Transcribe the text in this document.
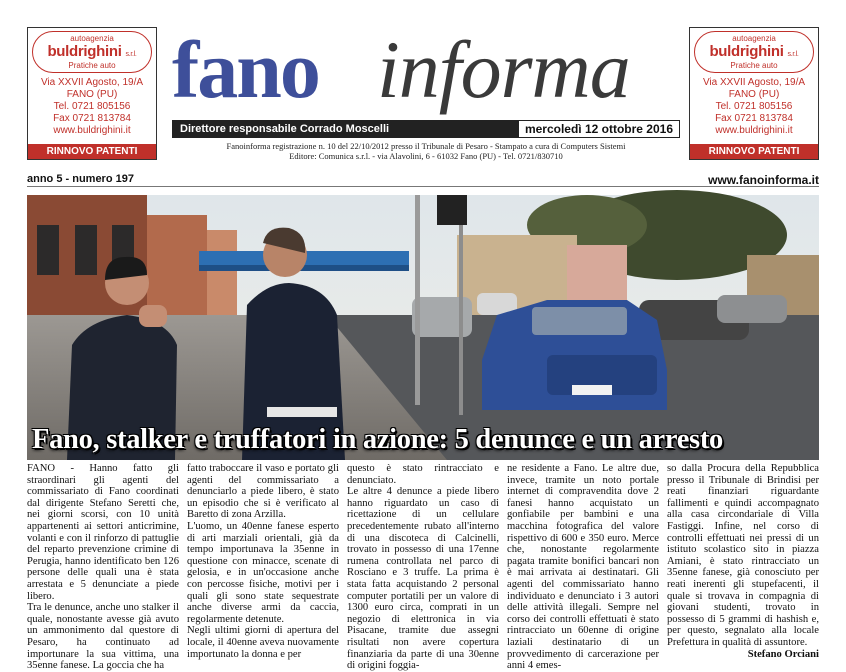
autoagenzia
buldrighini s.r.l.
Pratiche auto
Via XXVII Agosto, 19/A
FANO (PU)
Tel. 0721 805156
Fax 0721 813784
www.buldrighini.it
RINNOVO PATENTI
autoagenzia
buldrighini s.r.l.
Pratiche auto
Via XXVII Agosto, 19/A
FANO (PU)
Tel. 0721 805156
Fax 0721 813784
www.buldrighini.it
RINNOVO PATENTI
fano informa
Direttore responsabile Corrado Moscelli	mercoledì 12 ottobre 2016
Fanoinforma registrazione n. 10 del 22/10/2012 presso il Tribunale di Pesaro - Stampato a cura di Computers Sistemi
Editore: Comunica s.r.l. - via Alavolini, 6 - 61032 Fano (PU) - Tel. 0721/830710
anno 5 - numero 197	www.fanoinforma.it
Fano, stalker e truffatori in azione: 5 denunce e un arresto

FANO - Hanno fatto gli straordinari gli agenti del commissariato di Fano coordinati dal dirigente Stefano Seretti che, nei giorni scorsi, con 10 unità appartenenti ai settori anticrimine, volanti e con il rinforzo di pattuglie del reparto prevenzione crimine di Perugia, hanno identificato ben 126 persone delle quali una è stata arrestata e 5 denunciate a piede libero.

Tra le denunce, anche uno stalker il quale, nonostante avesse già avuto un ammonimento dal questore di Pesaro, ha continuato ad importunare la sua vittima, una 35enne fanese. La goccia che ha

fatto traboccare il vaso e portato gli agenti del commissariato a denunciarlo a piede libero, è stato un episodio che si è verificato al Baretto di zona Arzilla.

L'uomo, un 40enne fanese esperto di arti marziali orientali, già da tempo importunava la 35enne in questione con minacce, scenate di gelosia, e in un'occasione anche con percosse fisiche, motivi per i quali gli sono state sequestrate anche diverse armi da caccia, regolarmente detenute.

Negli ultimi giorni di apertura del locale, il 40enne aveva nuovamente importunato la donna e per

questo è stato rintracciato e denunciato.

Le altre 4 denunce a piede libero hanno riguardato un caso di ricettazione di un cellulare precedentemente rubato all'interno di una discoteca di Calcinelli, trovato in possesso di una 17enne rumena controllata nel parco di Rosciano e 3 truffe. La prima è stata fatta acquistando 2 personal computer portatili per un valore di 1300 euro circa, comprati in un negozio di elettronica in via Pisacane, tramite due assegni risultati non avere copertura finanziaria da parte di una 30enne di origini foggia-

ne residente a Fano. Le altre due, invece, tramite un noto portale internet di compravendita dove 2 fanesi hanno acquistato un gonfiabile per bambini e una macchina fotografica del valore rispettivo di 600 e 350 euro. Merce che, nonostante regolarmente pagata tramite bonifici bancari non è mai arrivata ai destinatari. Gli agenti del commissariato hanno individuato e denunciato i 3 autori delle attività illegali. Sempre nel corso dei controlli effettuati è stato rintracciato un 60enne di origine laziali destinatario di un provvedimento di carcerazione per anni 4 emes-

so dalla Procura della Repubblica presso il Tribunale di Brindisi per reati finanziari riguardante fallimenti e quindi accompagnato alla casa circondariale di Villa Fastiggi. Infine, nel corso di controlli effettuati nei pressi di un istituto scolastico sito in piazza Amiani, è stato rintracciato un 35enne fanese, già conosciuto per reati inerenti gli stupefacenti, il quale si trovava in compagnia di giovani studenti, trovato in possesso di 5 grammi di hashish e, per questo, segnalato alla locale Prefettura in qualità di assuntore.

Stefano Orciani
